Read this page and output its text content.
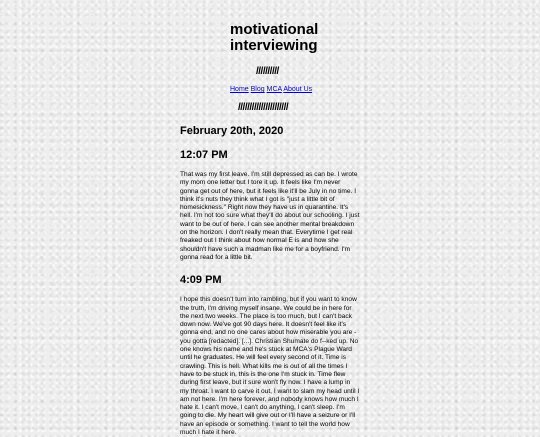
motivational
interviewing
//////////
Home Blog MCA About Us
//////////////////////
February 20th, 2020
12:07 PM
That was my first leave. I'm still depressed as can be. I wrote my mom one letter but I tore it up. It feels like I'm never gonna get out of here, but it feels like it'll be July in no time. I think it's nuts they think what I got is "just a little bit of homesickness." Right now they have us in quarantine. It's hell. I'm not too sure what they'll do about our schooling. I just want to be out of here. I can see another mental breakdown on the horizon. I don't really mean that. Everytime I get real freaked out I think about how normal E is and how she shouldn't have such a madman like me for a boyfriend. I'm gonna read for a little bit.
4:09 PM
I hope this doesn't turn into rambling, but if you want to know the truth, I'm driving myself insane. We could be in here for the next two weeks. The place is too much, but I can't back down now. We've got 90 days here. It doesn't feel like it's gonna end, and no one cares about how miserable you are - you gotta [redacted]. [...]. Christian Shumate do f--ked up. No one knows his name and he's stuck at MCA's Plague Ward until he graduates. He will feel every second of it. Time is crawling. This is hell. What kills me is out of all the times I have to be stuck in, this is the one I'm stuck in. Time flew during first leave, but it sure won't fly now. I have a lump in my throat. I want to carve it out, I want to slam my head until I am not here. I'm here forever, and nobody knows how much I hate it. I can't move, I can't do anything, I can't sleep. I'm going to die. My heart will give out or I'll have a seizure or I'll have an episode or something. I want to tell the world how much I hate it here.
